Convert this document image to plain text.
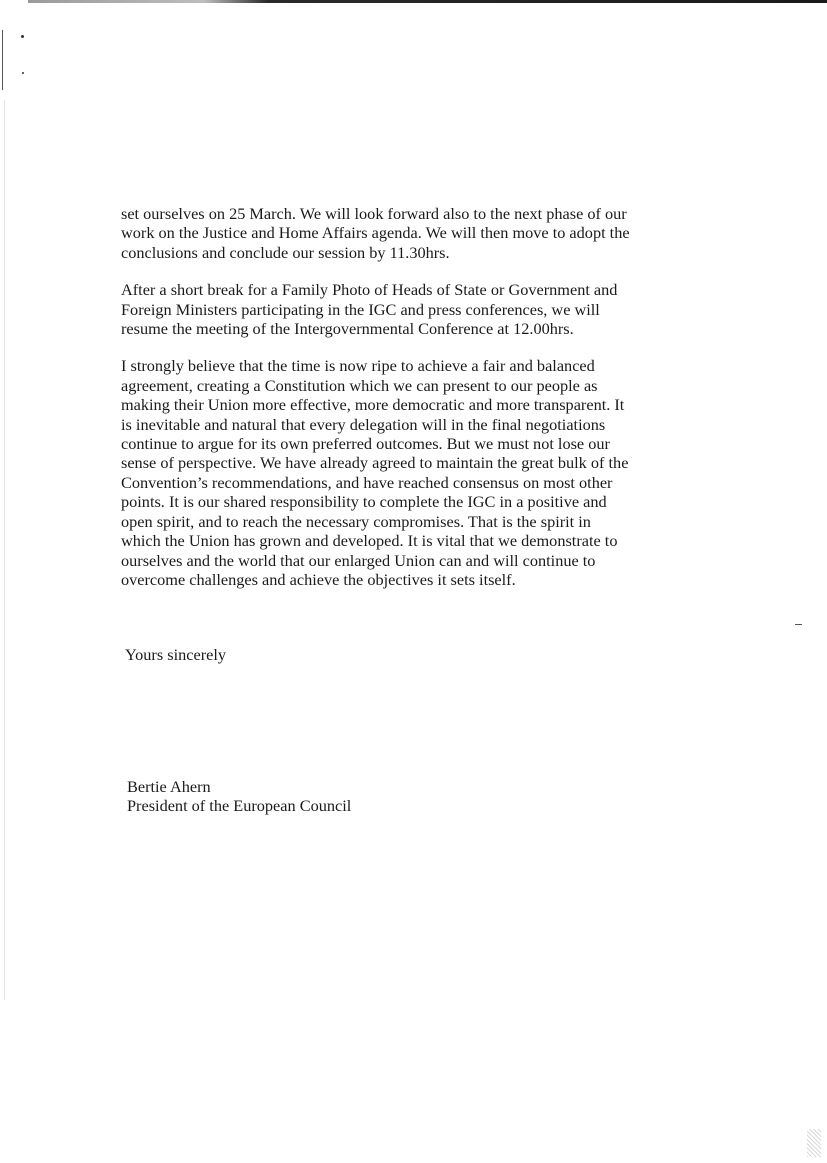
set ourselves on 25 March. We will look forward also to the next phase of our
work on the Justice and Home Affairs agenda. We will then move to adopt the
conclusions and conclude our session by 11.30hrs.

After a short break for a Family Photo of Heads of State or Government and
Foreign Ministers participating in the IGC and press conferences, we will
resume the meeting of the Intergovernmental Conference at 12.00hrs.

I strongly believe that the time is now ripe to achieve a fair and balanced
agreement, creating a Constitution which we can present to our people as
making their Union more effective, more democratic and more transparent. It
is inevitable and natural that every delegation will in the final negotiations
continue to argue for its own preferred outcomes. But we must not lose our
sense of perspective. We have already agreed to maintain the great bulk of the
Convention’s recommendations, and have reached consensus on most other
points. It is our shared responsibility to complete the IGC in a positive and
open spirit, and to reach the necessary compromises. That is the spirit in
which the Union has grown and developed. It is vital that we demonstrate to
ourselves and the world that our enlarged Union can and will continue to
overcome challenges and achieve the objectives it sets itself.

Yours sincerely
Bertie Ahern
President of the European Council
